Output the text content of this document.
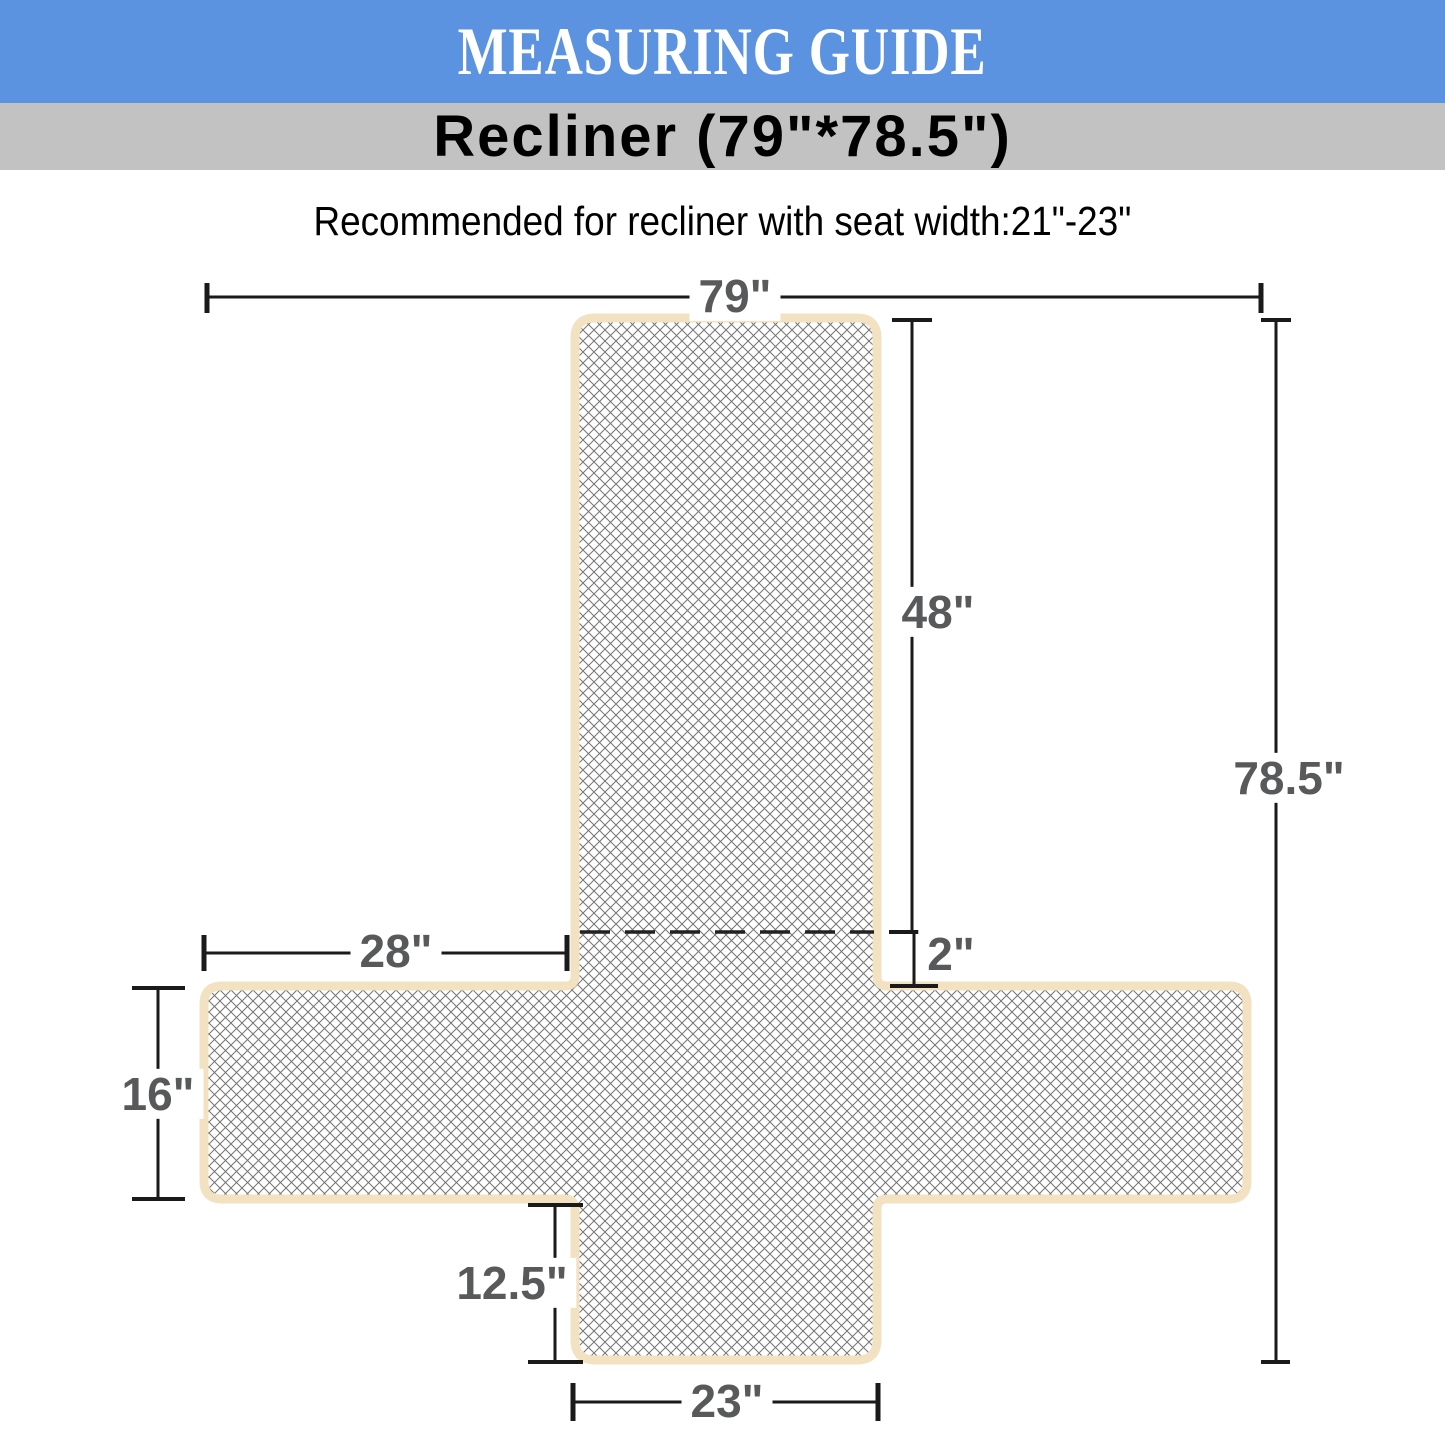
MEASURING GUIDE
Recliner (79"*78.5")
Recommended for recliner with seat width:21"-23"
79"
48"
2"
78.5"
28"
16"
12.5"
23"
